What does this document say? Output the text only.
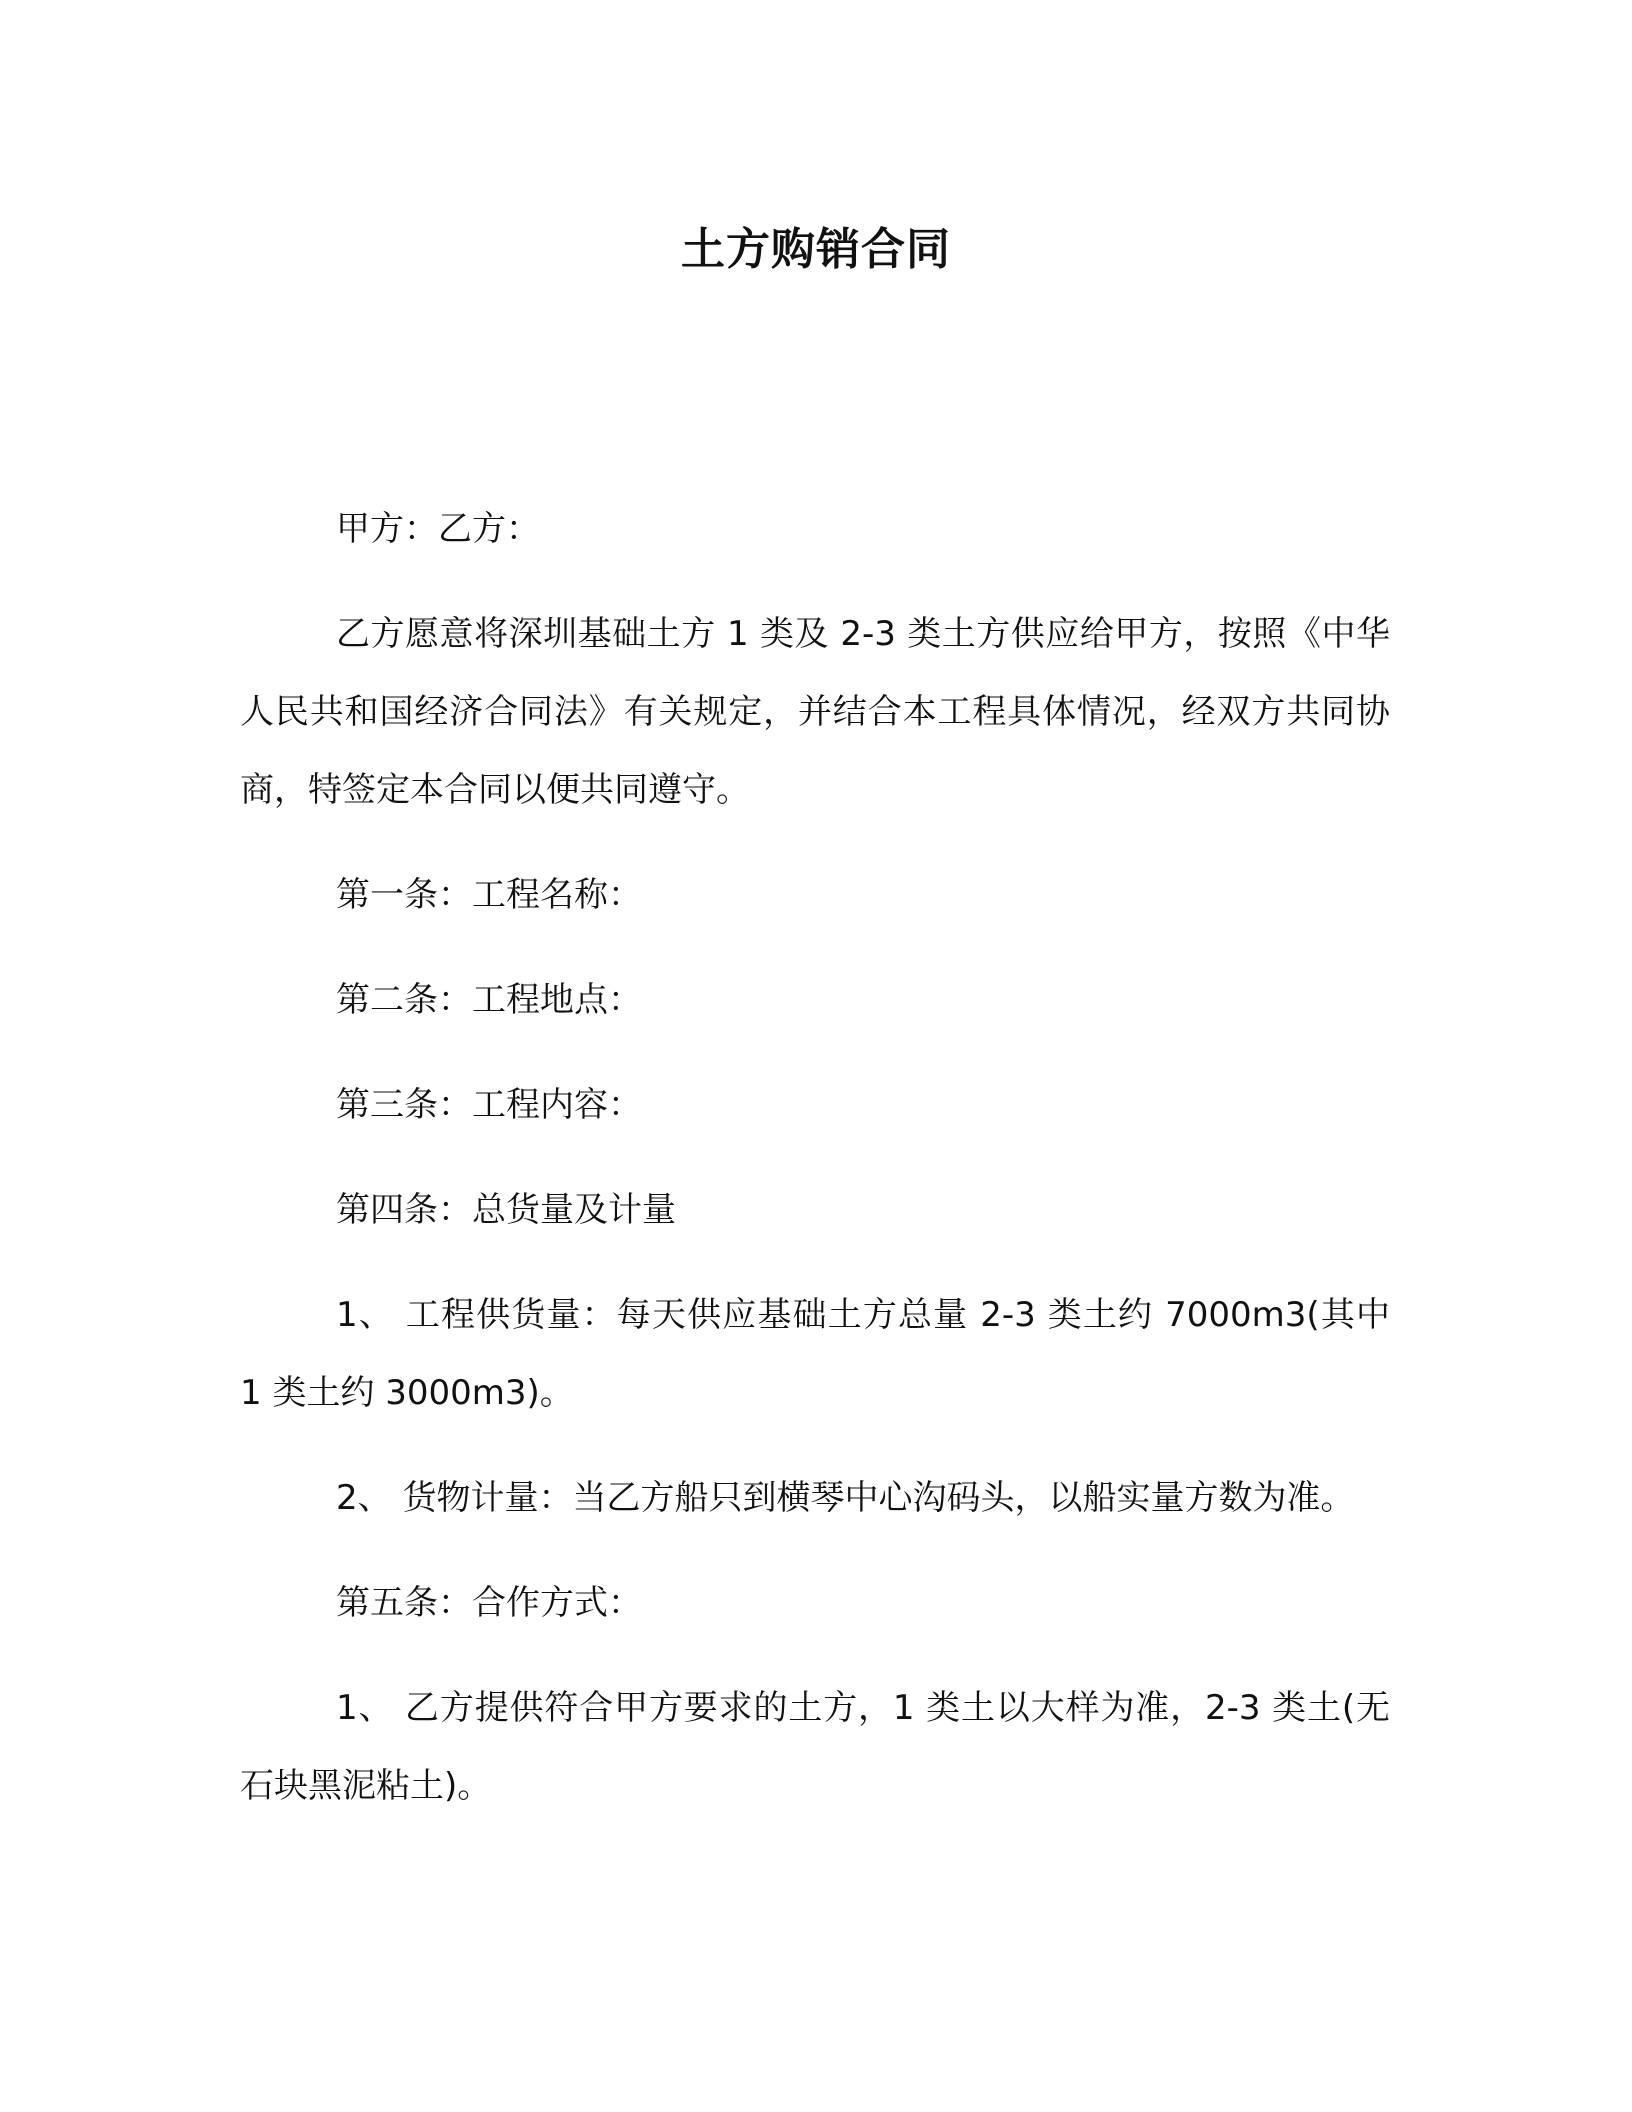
土方购销合同

甲方：乙方：

乙方愿意将深圳基础土方 1 类及 2-3 类土方供应给甲方，按照《中华人民共和国经济合同法》有关规定，并结合本工程具体情况，经双方共同协商，特签定本合同以便共同遵守。

第一条：工程名称：

第二条：工程地点：

第三条：工程内容：

第四条：总货量及计量

1、 工程供货量：每天供应基础土方总量 2-3 类土约 7000m3(其中 1 类土约 3000m3)。

2、 货物计量：当乙方船只到横琴中心沟码头，以船实量方数为准。

第五条：合作方式：

1、 乙方提供符合甲方要求的土方，1 类土以大样为准，2-3 类土(无石块黑泥粘土)。
